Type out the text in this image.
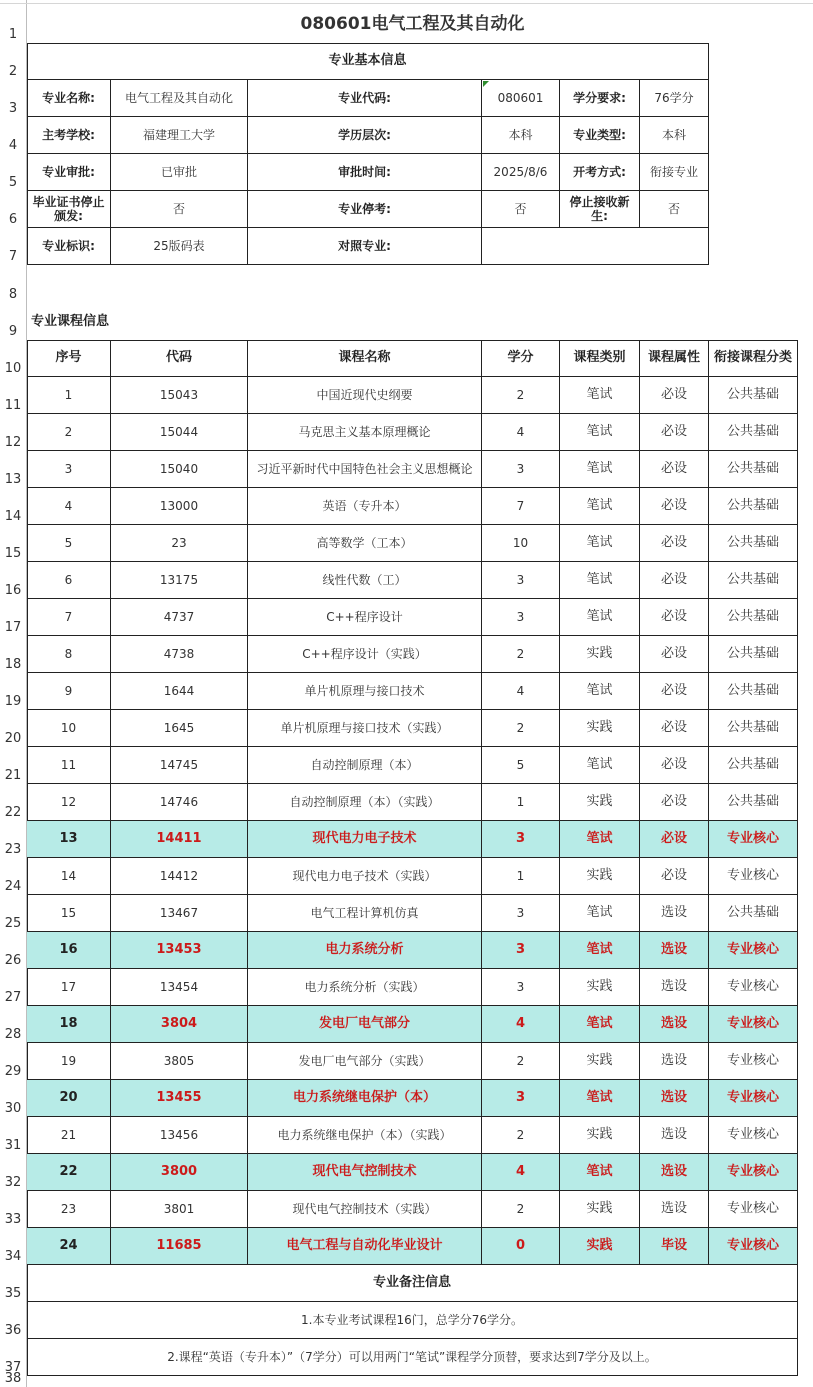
1
2
3
4
5
6
7
8
9
10
11
12
13
14
15
16
17
18
19
20
21
22
23
24
25
26
27
28
29
30
31
32
33
34
35
36
37
38
080601电气工程及其自动化
专业基本信息
专业名称:	电气工程及其自动化	专业代码:	080601	学分要求:	76学分
主考学校:	福建理工大学	学历层次:	本科	专业类型:	本科
专业审批:	已审批	审批时间:	2025/8/6	开考方式:	衔接专业
毕业证书停止颁发:	否	专业停考:	否	停止接收新生:	否
专业标识:	25版码表	对照专业:
专业课程信息
序号	代码	课程名称	学分	课程类别	课程属性	衔接课程分类
1	15043	中国近现代史纲要	2	笔试	必设	公共基础
2	15044	马克思主义基本原理概论	4	笔试	必设	公共基础
3	15040	习近平新时代中国特色社会主义思想概论	3	笔试	必设	公共基础
4	13000	英语（专升本）	7	笔试	必设	公共基础
5	23	高等数学（工本）	10	笔试	必设	公共基础
6	13175	线性代数（工）	3	笔试	必设	公共基础
7	4737	C++程序设计	3	笔试	必设	公共基础
8	4738	C++程序设计（实践）	2	实践	必设	公共基础
9	1644	单片机原理与接口技术	4	笔试	必设	公共基础
10	1645	单片机原理与接口技术（实践）	2	实践	必设	公共基础
11	14745	自动控制原理（本）	5	笔试	必设	公共基础
12	14746	自动控制原理（本）（实践）	1	实践	必设	公共基础
13	14411	现代电力电子技术	3	笔试	必设	专业核心
14	14412	现代电力电子技术（实践）	1	实践	必设	专业核心
15	13467	电气工程计算机仿真	3	笔试	选设	公共基础
16	13453	电力系统分析	3	笔试	选设	专业核心
17	13454	电力系统分析（实践）	3	实践	选设	专业核心
18	3804	发电厂电气部分	4	笔试	选设	专业核心
19	3805	发电厂电气部分（实践）	2	实践	选设	专业核心
20	13455	电力系统继电保护（本）	3	笔试	选设	专业核心
21	13456	电力系统继电保护（本）（实践）	2	实践	选设	专业核心
22	3800	现代电气控制技术	4	笔试	选设	专业核心
23	3801	现代电气控制技术（实践）	2	实践	选设	专业核心
24	11685	电气工程与自动化毕业设计	0	实践	毕设	专业核心
专业备注信息
1.本专业考试课程16门，总学分76学分。
2.课程“英语（专升本）”（7学分）可以用两门“笔试”课程学分顶替，要求达到7学分及以上。
